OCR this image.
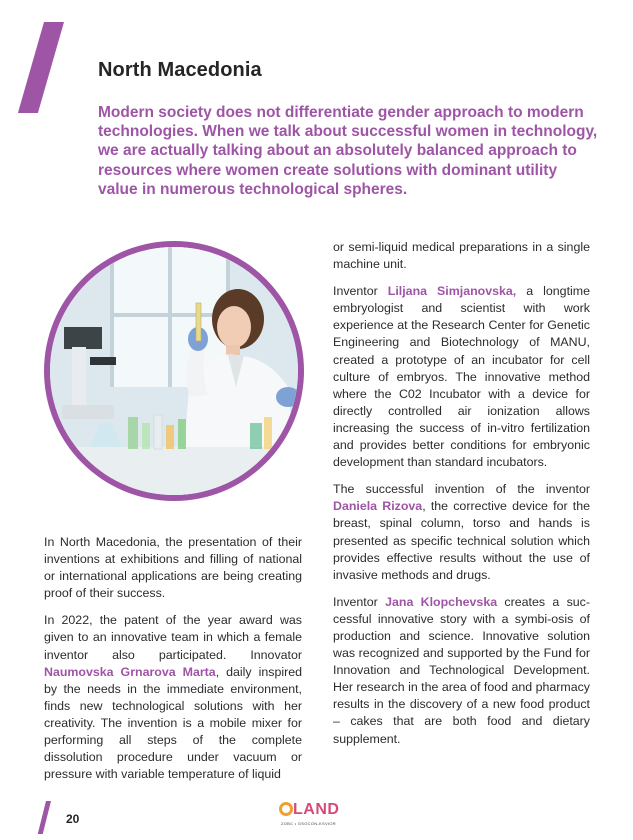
North Macedonia

Modern society does not differentiate gender approach to modern technologies. When we talk about successful women in technology, we are actually talking about an absolutely balanced approach to resources where women create solutions with dominant utility value in numerous technological spheres.

In North Macedonia, the presentation of their inventions at exhibitions and filling of national or international applications are being creating proof of their success.

In 2022, the patent of the year award was given to an innovative team in which a female inventor also participated. Innovator Naumovska Grnarova Marta, daily inspired by the needs in the immediate environment, finds new technological solutions with her creativity. The invention is a mobile mixer for performing all steps of the complete dissolution procedure under vacuum or pressure with variable temperature of liquid

or semi-liquid medical preparations in a single machine unit.

Inventor Liljana Simjanovska, a longtime embryologist and scientist with work experience at the Research Center for Genetic Engineering and Biotechnology of MANU, created a prototype of an incubator for cell culture of embryos. The innovative method where the C02 Incubator with a device for directly controlled air ionization allows increasing the success of in-vitro fertilization and provides better conditions for embryonic development than standard incubators.

The successful invention of the inventor Daniela Rizova, the corrective device for the breast, spinal column, torso and hands is presented as specific technical solution which provides effective results without the use of invasive methods and drugs.

Inventor Jana Klopchevska creates a suc-cessful innovative story with a symbi-osis of production and science. Innovative solution was recognized and supported by the Fund for Innovation and Technological Development. Her research in the area of food and pharmacy results in the discovery of a new food product – cakes that are both food and dietary supplement.

20
LAND
ZOBC • GSOCON-KSVIOR
